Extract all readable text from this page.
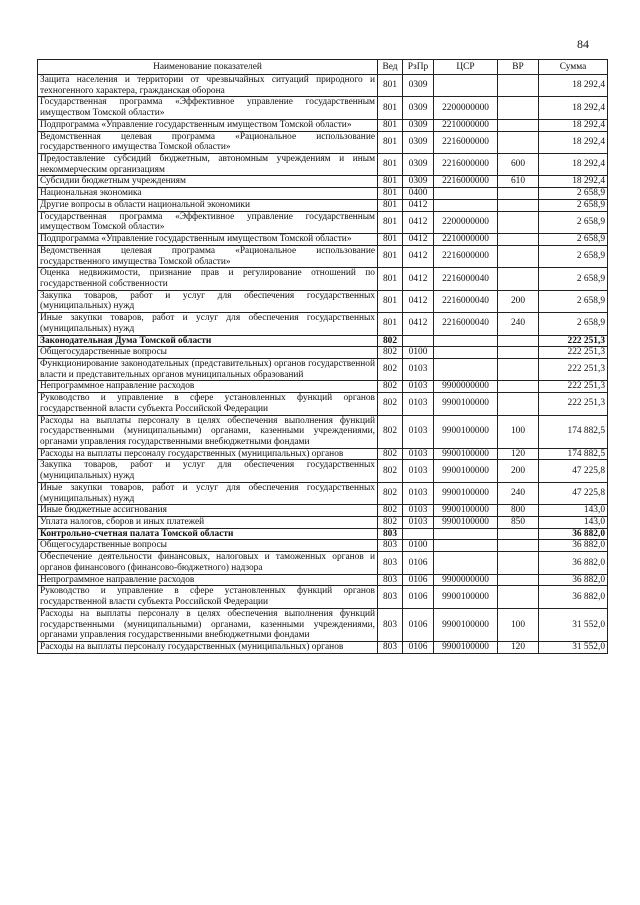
84
Наименование показателей	Вед	РзПр	ЦСР	ВР	Сумма
Защита населения и территории от чрезвычайных ситуаций природного и техногенного характера, гражданская оборона	801	0309			18 292,4
Государственная программа «Эффективное управление государственным имуществом Томской области»	801	0309	2200000000		18 292,4
Подпрограмма «Управление государственным имуществом Томской области»	801	0309	2210000000		18 292,4
Ведомственная целевая программа «Рациональное использование государственного имущества Томской области»	801	0309	2216000000		18 292,4
Предоставление субсидий бюджетным, автономным учреждениям и иным некоммерческим организациям	801	0309	2216000000	600	18 292,4
Субсидии бюджетным учреждениям	801	0309	2216000000	610	18 292,4
Национальная экономика	801	0400			2 658,9
Другие вопросы в области национальной экономики	801	0412			2 658,9
Государственная программа «Эффективное управление государственным имуществом Томской области»	801	0412	2200000000		2 658,9
Подпрограмма «Управление государственным имуществом Томской области»	801	0412	2210000000		2 658,9
Ведомственная целевая программа «Рациональное использование государственного имущества Томской области»	801	0412	2216000000		2 658,9
Оценка недвижимости, признание прав и регулирование отношений по государственной собственности	801	0412	2216000040		2 658,9
Закупка товаров, работ и услуг для обеспечения государственных (муниципальных) нужд	801	0412	2216000040	200	2 658,9
Иные закупки товаров, работ и услуг для обеспечения государственных (муниципальных) нужд	801	0412	2216000040	240	2 658,9
Законодательная Дума Томской области	802				222 251,3
Общегосударственные вопросы	802	0100			222 251,3
Функционирование законодательных (представительных) органов государственной власти и представительных органов муниципальных образований	802	0103			222 251,3
Непрограммное направление расходов	802	0103	9900000000		222 251,3
Руководство и управление в сфере установленных функций органов государственной власти субъекта Российской Федерации	802	0103	9900100000		222 251,3
Расходы на выплаты персоналу в целях обеспечения выполнения функций государственными (муниципальными) органами, казенными учреждениями, органами управления государственными внебюджетными фондами	802	0103	9900100000	100	174 882,5
Расходы на выплаты персоналу государственных (муниципальных) органов	802	0103	9900100000	120	174 882,5
Закупка товаров, работ и услуг для обеспечения государственных (муниципальных) нужд	802	0103	9900100000	200	47 225,8
Иные закупки товаров, работ и услуг для обеспечения государственных (муниципальных) нужд	802	0103	9900100000	240	47 225,8
Иные бюджетные ассигнования	802	0103	9900100000	800	143,0
Уплата налогов, сборов и иных платежей	802	0103	9900100000	850	143,0
Контрольно-счетная палата Томской области	803				36 882,0
Общегосударственные вопросы	803	0100			36 882,0
Обеспечение деятельности финансовых, налоговых и таможенных органов и органов финансового (финансово-бюджетного) надзора	803	0106			36 882,0
Непрограммное направление расходов	803	0106	9900000000		36 882,0
Руководство и управление в сфере установленных функций органов государственной власти субъекта Российской Федерации	803	0106	9900100000		36 882,0
Расходы на выплаты персоналу в целях обеспечения выполнения функций государственными (муниципальными) органами, казенными учреждениями, органами управления государственными внебюджетными фондами	803	0106	9900100000	100	31 552,0
Расходы на выплаты персоналу государственных (муниципальных) органов	803	0106	9900100000	120	31 552,0
